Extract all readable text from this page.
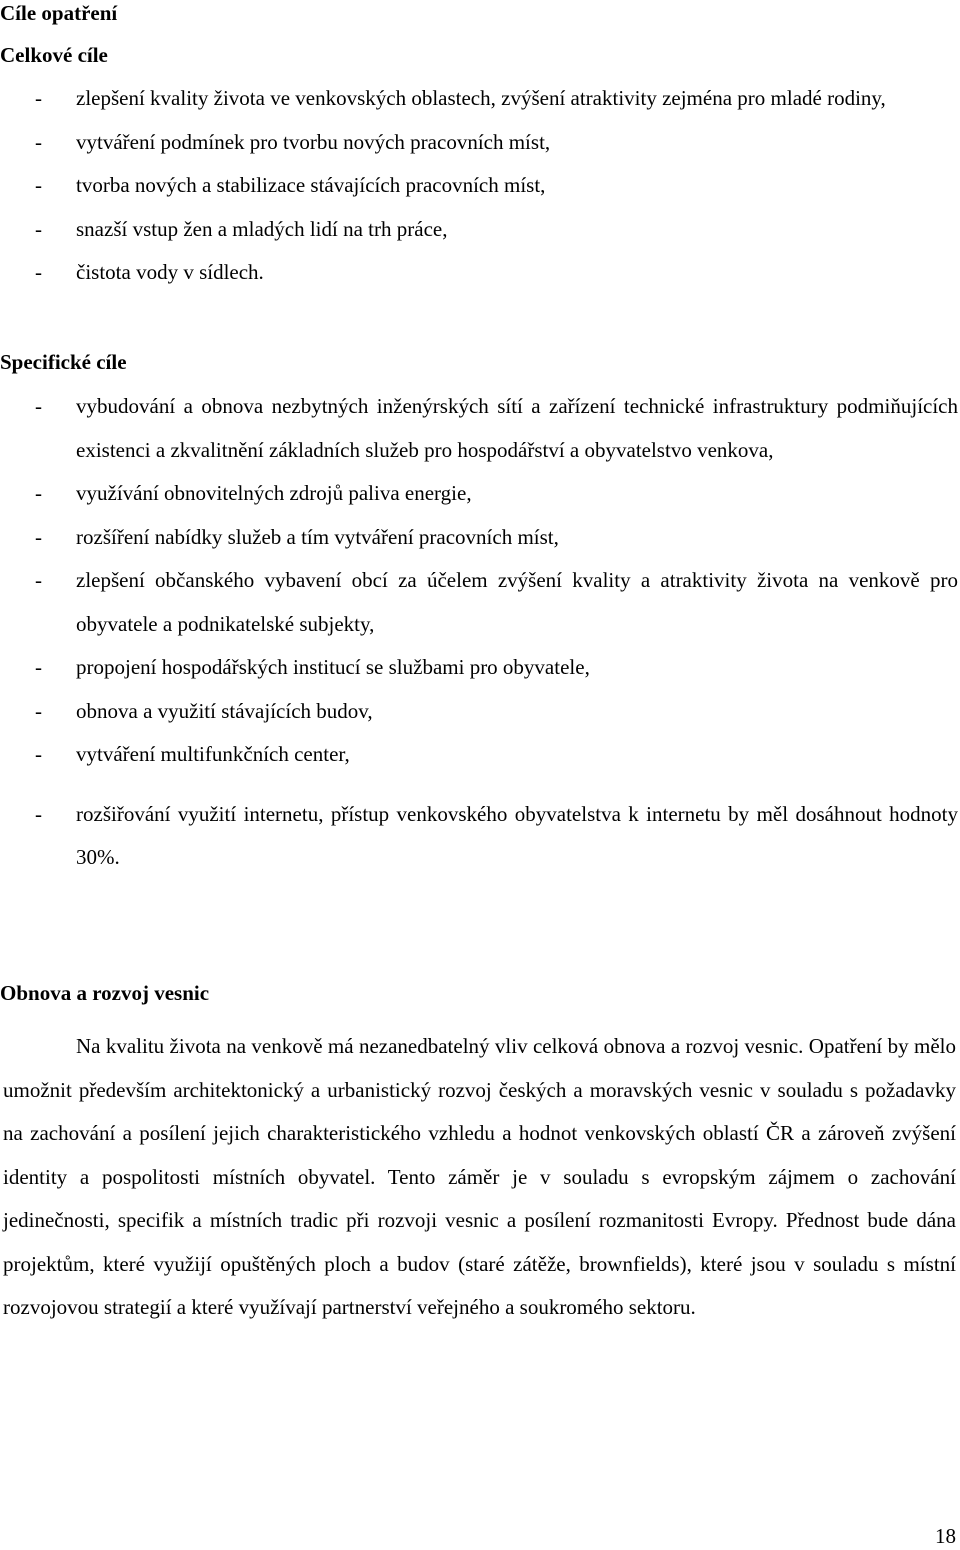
Cíle opatření
Celkové cíle
- zlepšení kvality života ve venkovských oblastech, zvýšení atraktivity zejména pro mladé rodiny,
- vytváření podmínek pro tvorbu nových pracovních míst,
- tvorba nových a stabilizace stávajících pracovních míst,
- snazší vstup žen a mladých lidí na trh práce,
- čistota vody v sídlech.
Specifické cíle
- vybudování a obnova nezbytných inženýrských sítí a zařízení technické infrastruktury podmiňujících existenci a zkvalitnění základních služeb pro hospodářství a obyvatelstvo venkova,
- využívání obnovitelných zdrojů paliva energie,
- rozšíření nabídky služeb a tím vytváření pracovních míst,
- zlepšení občanského vybavení obcí za účelem zvýšení kvality a atraktivity života na venkově pro obyvatele a podnikatelské subjekty,
- propojení hospodářských institucí se službami pro obyvatele,
- obnova a využití stávajících budov,
- vytváření multifunkčních center,
- rozšiřování využití internetu, přístup venkovského obyvatelstva k internetu by měl dosáhnout hodnoty 30%.
Obnova a rozvoj vesnic

Na kvalitu života na venkově má nezanedbatelný vliv celková obnova a rozvoj vesnic. Opatření by mělo umožnit především architektonický a urbanistický rozvoj českých a moravských vesnic v souladu s požadavky na zachování a posílení jejich charakteristického vzhledu a hodnot venkovských oblastí ČR a zároveň zvýšení identity a pospolitosti místních obyvatel. Tento záměr je v souladu s evropským zájmem o zachování jedinečnosti, specifik a místních tradic při rozvoji vesnic a posílení rozmanitosti Evropy. Přednost bude dána projektům, které využijí opuštěných ploch a budov (staré zátěže, brownfields), které jsou v souladu s místní rozvojovou strategií a které využívají partnerství veřejného a soukromého sektoru.

18
